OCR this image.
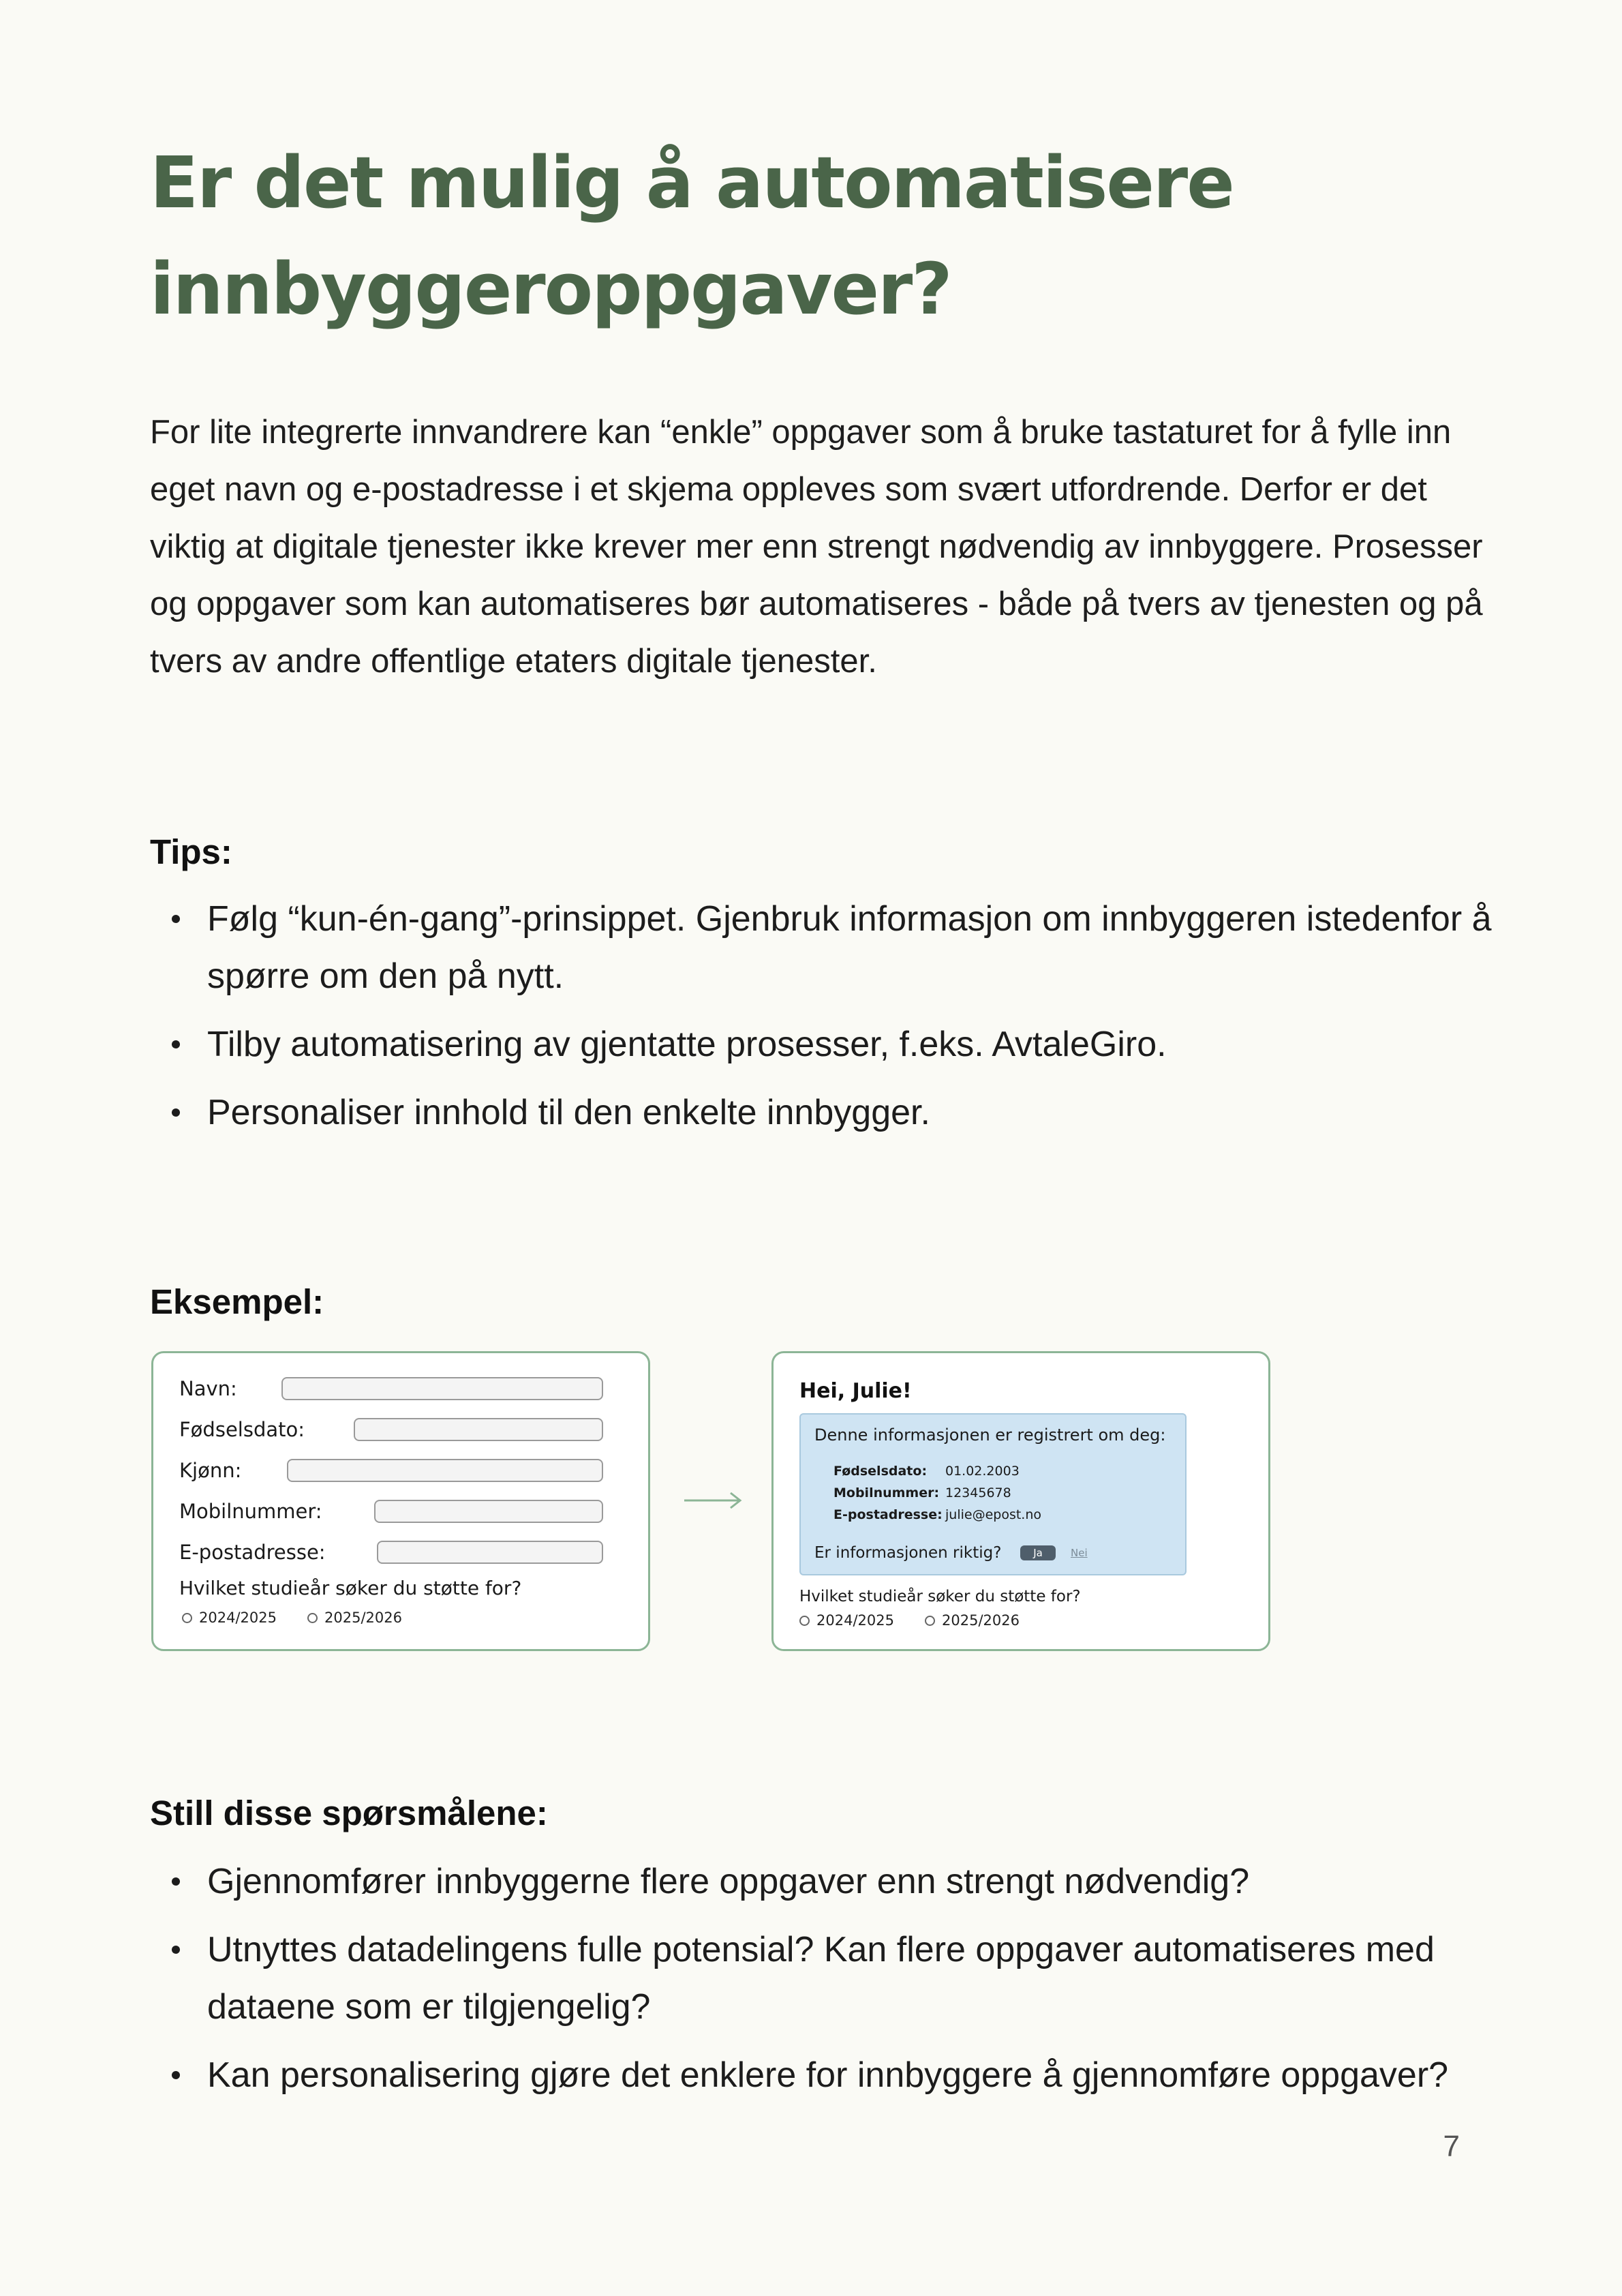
Er det mulig å automatisere
innbyggeroppgaver?

For lite integrerte innvandrere kan “enkle” oppgaver som å bruke tastaturet for å fylle inn eget navn og e-postadresse i et skjema oppleves som svært utfordrende. Derfor er det viktig at digitale tjenester ikke krever mer enn strengt nødvendig av innbyggere. Prosesser og oppgaver som kan automatiseres bør automatiseres - både på tvers av tjenesten og på tvers av andre offentlige etaters digitale tjenester.

Tips:
Følg “kun-én-gang”-prinsippet. Gjenbruk informasjon om innbyggeren istedenfor å spørre om den på nytt.
Tilby automatisering av gjentatte prosesser, f.eks. AvtaleGiro.
Personaliser innhold til den enkelte innbygger.
Eksempel:
Navn:
Fødselsdato:
Kjønn:
Mobilnummer:
E-postadresse:
Hvilket studieår søker du støtte for?
2024/2025	2025/2026
Hei, Julie!
Denne informasjonen er registrert om deg:
Fødselsdato: 01.02.2003
Mobilnummer: 12345678
E-postadresse: julie@epost.no
Er informasjonen riktig?	Ja	Nei
Hvilket studieår søker du støtte for?
2024/2025	2025/2026
Still disse spørsmålene:
Gjennomfører innbyggerne flere oppgaver enn strengt nødvendig?
Utnyttes datadelingens fulle potensial? Kan flere oppgaver automatiseres med dataene som er tilgjengelig?
Kan personalisering gjøre det enklere for innbyggere å gjennomføre oppgaver?
7
